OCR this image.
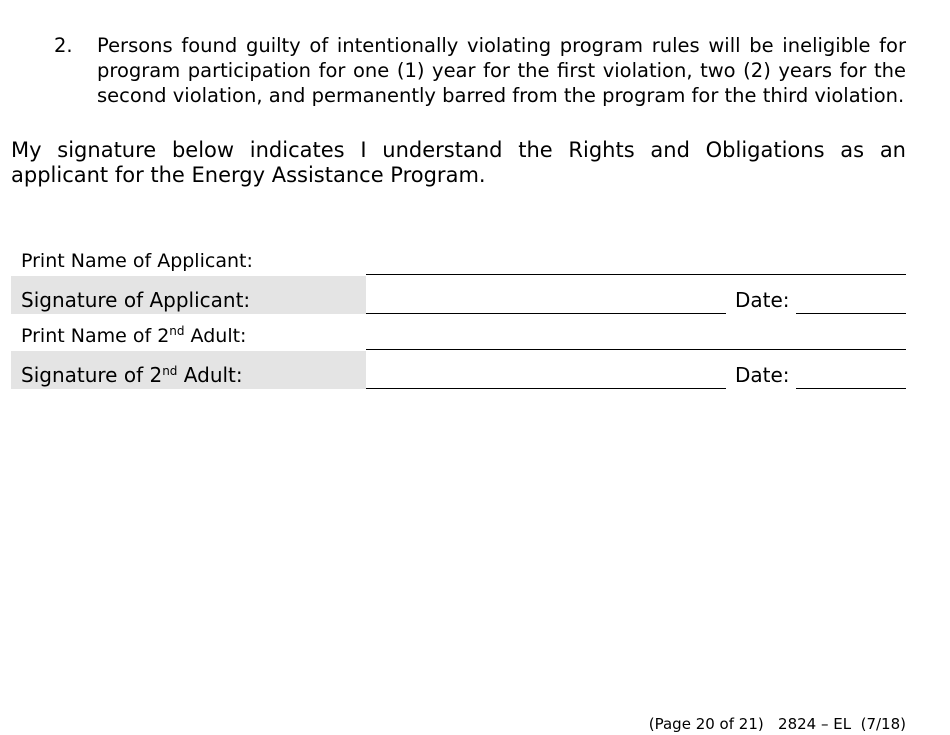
2. Persons found guilty of intentionally violating program rules will be ineligible for program participation for one (1) year for the first violation, two (2) years for the second violation, and permanently barred from the program for the third violation.
My signature below indicates I understand the Rights and Obligations as an applicant for the Energy Assistance Program.
Print Name of Applicant:
Signature of Applicant:	Date:
Print Name of 2nd Adult:
Signature of 2nd Adult:	Date:
(Page 20 of 21)   2824 – EL  (7/18)
